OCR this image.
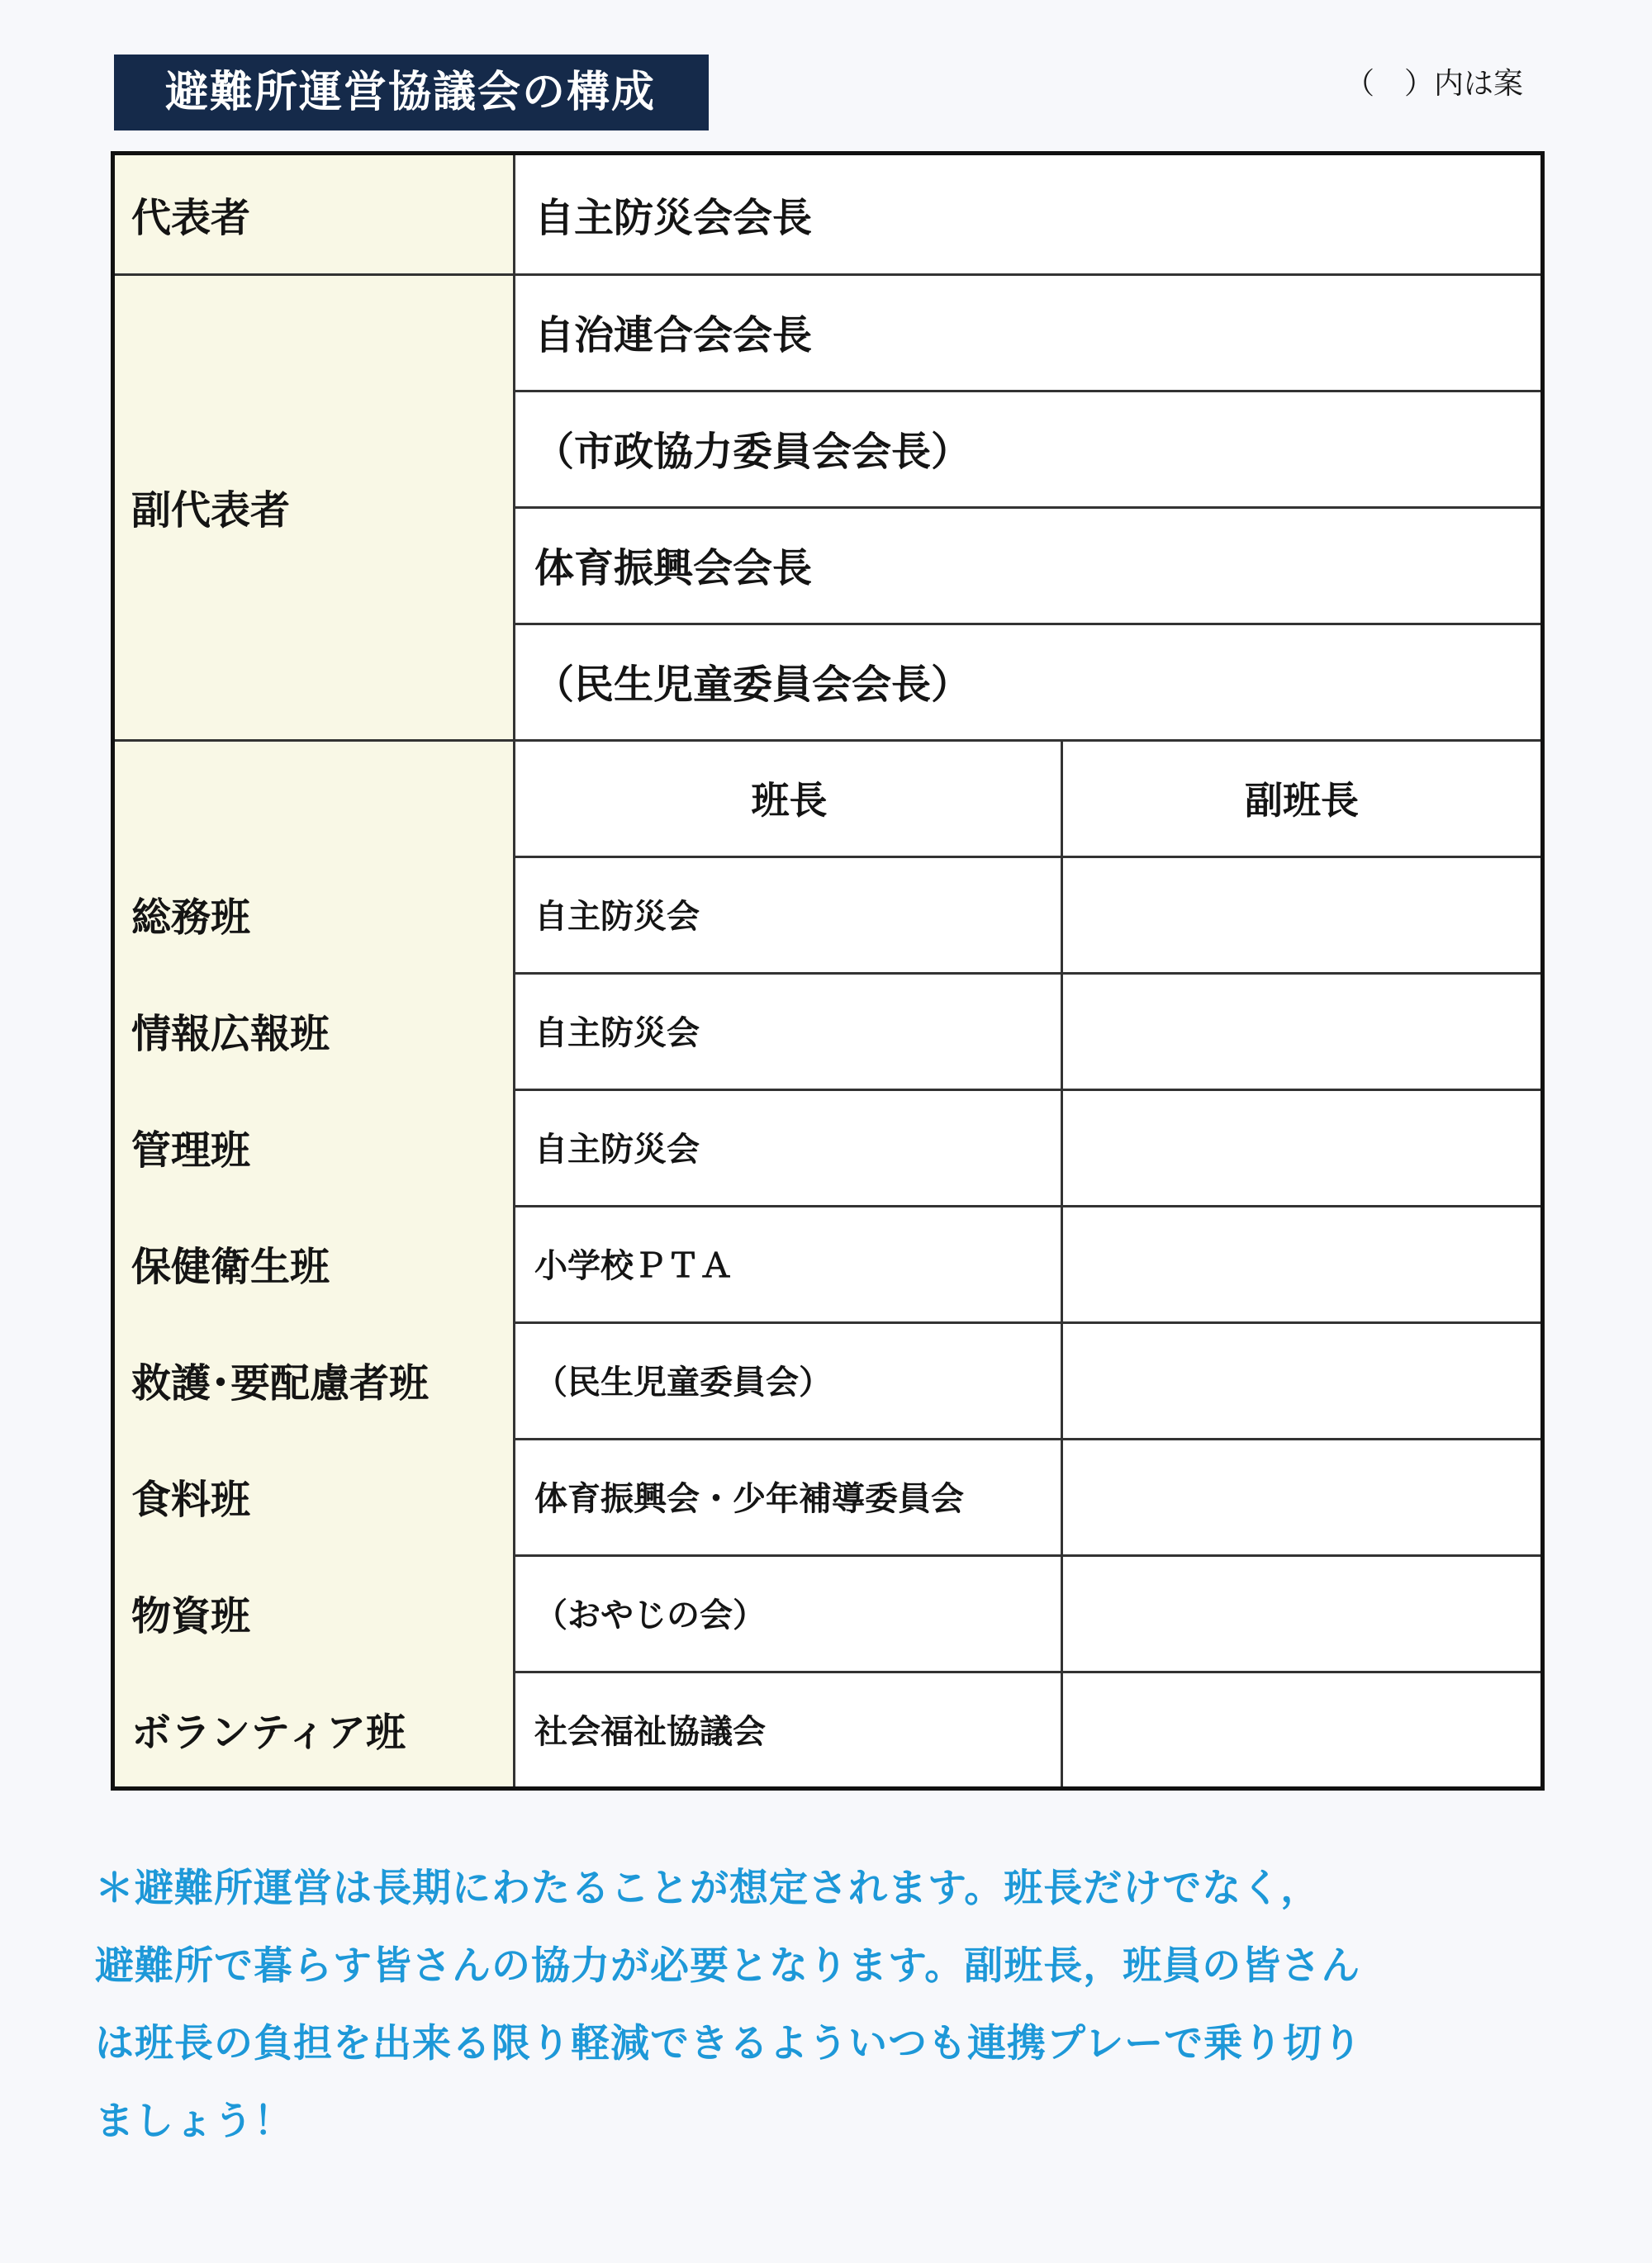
避難所運営協議会の構成	（　）内は案
代表者	自主防災会会長
副代表者
自治連合会会長
（市政協力委員会会長）
体育振興会会長
（民生児童委員会会長）
班長	副班長
総務班	自主防災会
情報広報班	自主防災会
管理班	自主防災会
保健衛生班	小学校ＰＴＡ
救護･要配慮者班	（民生児童委員会）
食料班	体育振興会・少年補導委員会
物資班	（おやじの会）
ボランティア班	社会福祉協議会
＊避難所運営は長期にわたることが想定されます。班長だけでなく，
避難所で暮らす皆さんの協力が必要となります。副班長，班員の皆さん
は班長の負担を出来る限り軽減できるよういつも連携プレーで乗り切り
ましょう！
